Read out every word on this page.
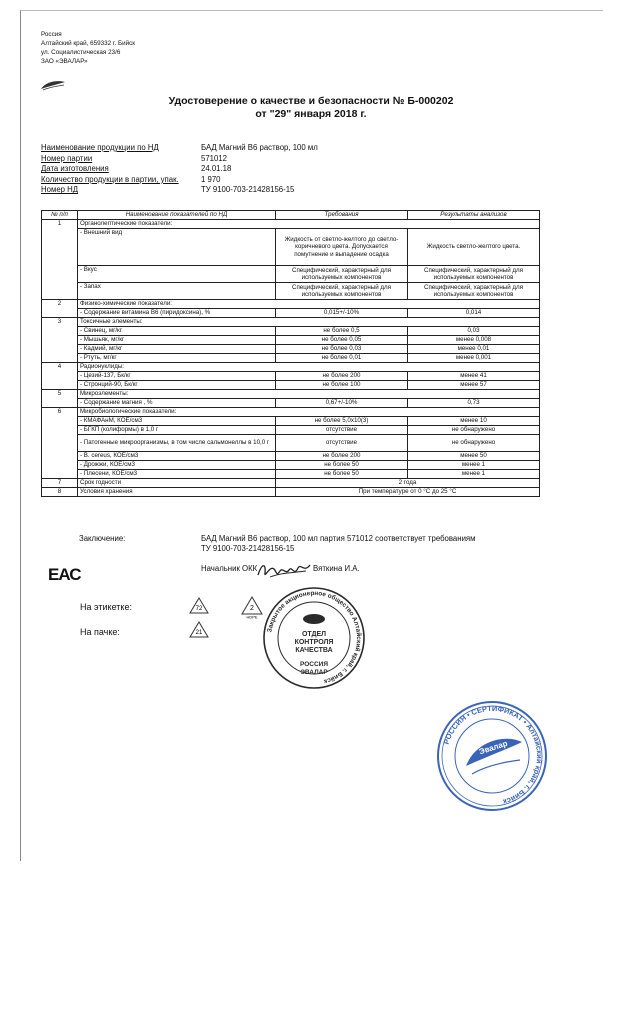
Россия
Алтайский край, 659332 г. Бийск
ул. Социалистическая 23/6
ЗАО «ЭВАЛАР»
Удостоверение о качестве и безопасности № Б-000202
от "29" января 2018 г.
Наименование продукции по НД	БАД Магний В6 раствор, 100 мл
Номер партии	571012
Дата изготовления	24.01.18
Количество продукции в партии, упак.	1 970
Номер НД	ТУ 9100-703-21428156-15
№ п/п	Наименование показателей по НД	Требования	Результаты анализов
1	Органолептические показатели:		
	- Внешний вид	Жидкость от светло-желтого до светло-коричневого цвета. Допускается помутнение и выпадение осадка	Жидкость светло-желтого цвета.
	- Вкус	Специфический, характерный для используемых компонентов	Специфический, характерный для используемых компонентов
	- Запах	Специфический, характерный для используемых компонентов	Специфический, характерный для используемых компонентов
2	Физико-химические показатели:		
	- Содержание витамина В6 (пиридоксина), %	0,015+/-10%	0,014
3	Токсичные элементы:		
	- Свинец, мг/кг	не более 0,5	0,03
	- Мышьяк, мг/кг	не более 0,05	менее 0,008
	- Кадмий, мг/кг	не более 0,03	менее 0,01
	- Ртуть, мг/кг	не более 0,01	менее 0,001
4	Радионуклиды:		
	- Цезий-137, Бк/кг	не более 200	менее 41
	- Стронций-90, Бк/кг	не более 100	менее 57
5	Микроэлементы:		
	- Содержание магния , %	0,67+/-10%	0,73
6	Микробиологические показатели:		
	- КМАФАнМ, КОЕ/см3	не более 5,0х10(3)	менее 10
	- БГКП (колиформы) в 1,0 г	отсутствие	не обнаружено
	- Патогенные микроорганизмы, в том числе сальмонеллы в 10,0 г	отсутствие	не обнаружено
	- B. cereus, КОЕ/см3	не более 200	менее 50
	- Дрожжи, КОЕ/см3	не более 50	менее 1
	- Плесени, КОЕ/см3	не более 50	менее 1
7	Срок годности	2 года	
8	Условия хранения	При температуре от 0 °С до 25 °С	
Заключение:	БАД Магний В6 раствор, 100 мл партия 571012 соответствует требованиям
ТУ 9100-703-21428156-15
ЕАС	Начальник ОКК	Вяткина И.А.
На этикетке:
На пачке:
72	2
HDPE
21	Закрытое акционерное общество Алтайский край, г. Бийск
ОТДЕЛ
КОНТРОЛЯ
КАЧЕСТВА
РОССИЯ
ЭВАЛАР
РОССИЯ • СЕРТИФИКАТ • Алтайский край, г. Бийск
Эвалар
